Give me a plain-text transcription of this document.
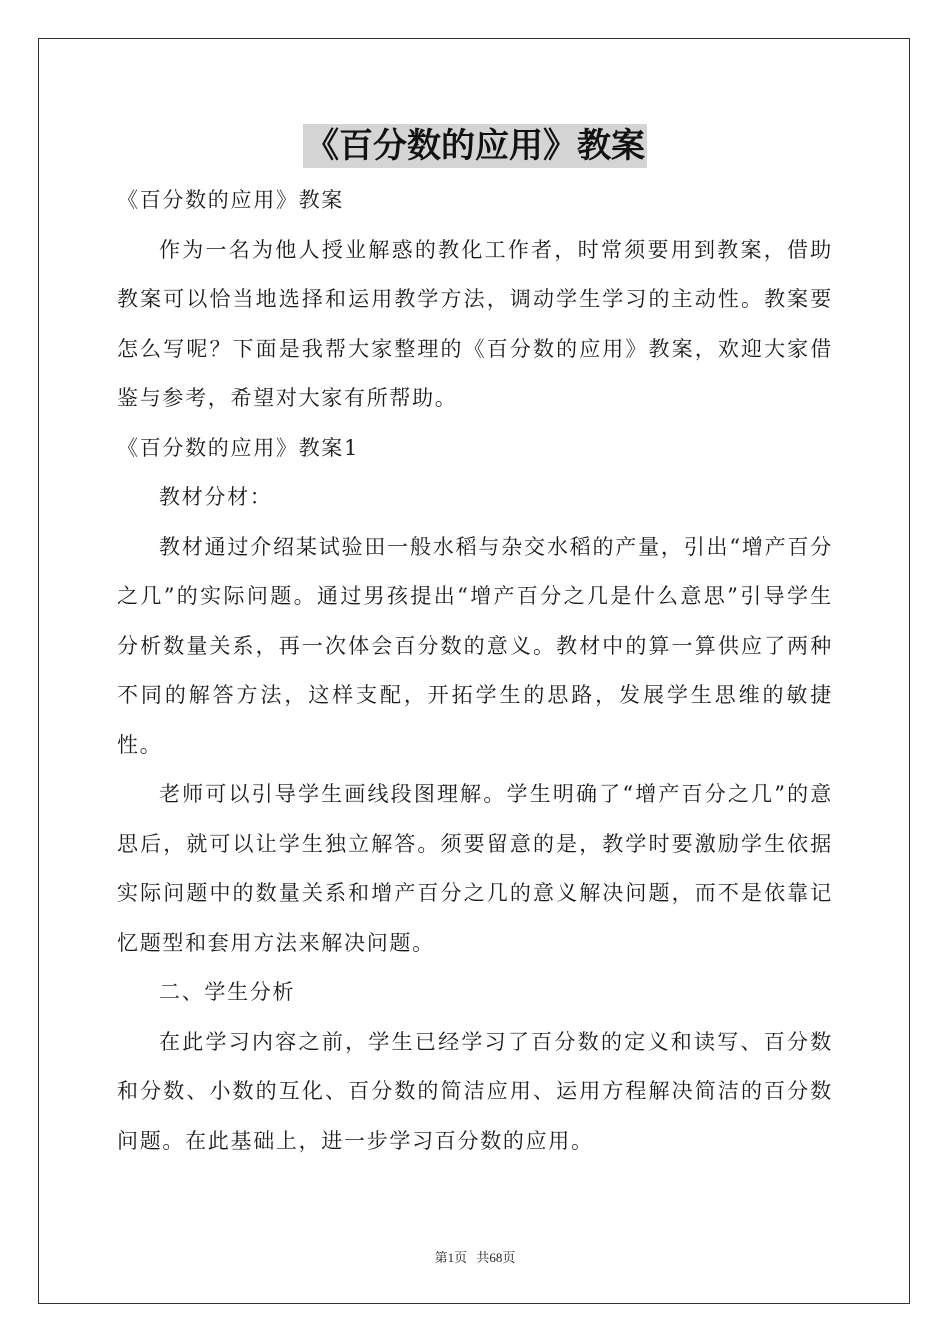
《百分数的应用》教案

《百分数的应用》教案

作为一名为他人授业解惑的教化工作者，时常须要用到教案，借助教案可以恰当地选择和运用教学方法，调动学生学习的主动性。教案要怎么写呢？下面是我帮大家整理的《百分数的应用》教案，欢迎大家借鉴与参考，希望对大家有所帮助。

《百分数的应用》教案1

教材分材：

教材通过介绍某试验田一般水稻与杂交水稻的产量，引出“增产百分之几”的实际问题。通过男孩提出“增产百分之几是什么意思”引导学生分析数量关系，再一次体会百分数的意义。教材中的算一算供应了两种不同的解答方法，这样支配，开拓学生的思路，发展学生思维的敏捷性。

老师可以引导学生画线段图理解。学生明确了“增产百分之几”的意思后，就可以让学生独立解答。须要留意的是，教学时要激励学生依据实际问题中的数量关系和增产百分之几的意义解决问题，而不是依靠记忆题型和套用方法来解决问题。

二、学生分析

在此学习内容之前，学生已经学习了百分数的定义和读写、百分数和分数、小数的互化、百分数的简洁应用、运用方程解决简洁的百分数问题。在此基础上，进一步学习百分数的应用。

第1页 共68页
